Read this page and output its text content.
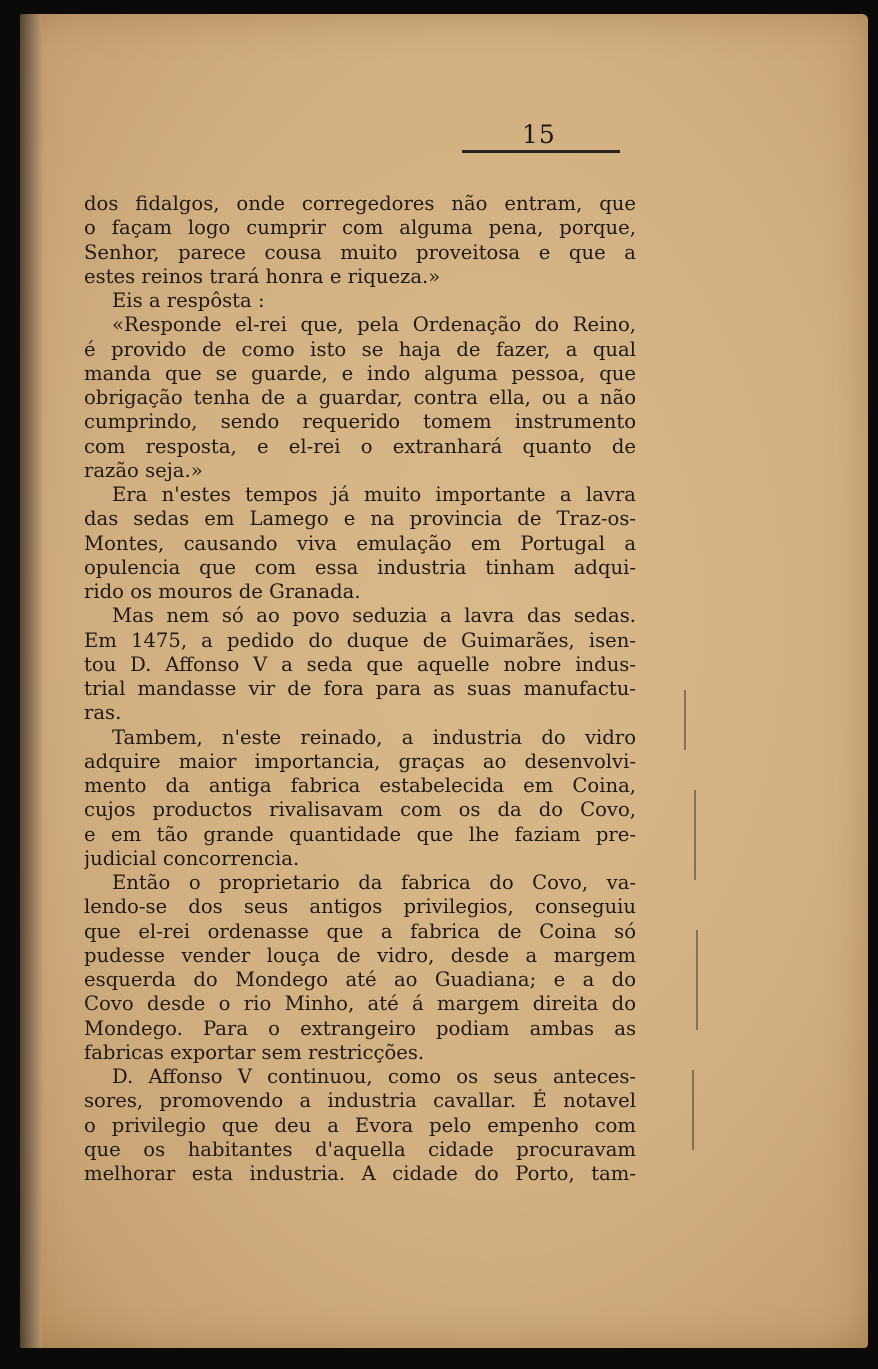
15
dos fidalgos, onde corregedores não entram, que
o façam logo cumprir com alguma pena, porque,
Senhor, parece cousa muito proveitosa e que a
estes reinos trará honra e riqueza.»
Eis a respôsta :
«Responde el-rei que, pela Ordenação do Reino,
é provido de como isto se haja de fazer, a qual
manda que se guarde, e indo alguma pessoa, que
obrigação tenha de a guardar, contra ella, ou a não
cumprindo, sendo requerido tomem instrumento
com resposta, e el-rei o extranhará quanto de
razão seja.»
Era n'estes tempos já muito importante a lavra
das sedas em Lamego e na provincia de Traz-os-
Montes, causando viva emulação em Portugal a
opulencia que com essa industria tinham adqui-
rido os mouros de Granada.
Mas nem só ao povo seduzia a lavra das sedas.
Em 1475, a pedido do duque de Guimarães, isen-
tou D. Affonso V a seda que aquelle nobre indus-
trial mandasse vir de fora para as suas manufactu-
ras.
Tambem, n'este reinado, a industria do vidro
adquire maior importancia, graças ao desenvolvi-
mento da antiga fabrica estabelecida em Coina,
cujos productos rivalisavam com os da do Covo,
e em tão grande quantidade que lhe faziam pre-
judicial concorrencia.
Então o proprietario da fabrica do Covo, va-
lendo-se dos seus antigos privilegios, conseguiu
que el-rei ordenasse que a fabrica de Coina só
pudesse vender louça de vidro, desde a margem
esquerda do Mondego até ao Guadiana; e a do
Covo desde o rio Minho, até á margem direita do
Mondego. Para o extrangeiro podiam ambas as
fabricas exportar sem restricções.
D. Affonso V continuou, como os seus anteces-
sores, promovendo a industria cavallar. É notavel
o privilegio que deu a Evora pelo empenho com
que os habitantes d'aquella cidade procuravam
melhorar esta industria. A cidade do Porto, tam-
